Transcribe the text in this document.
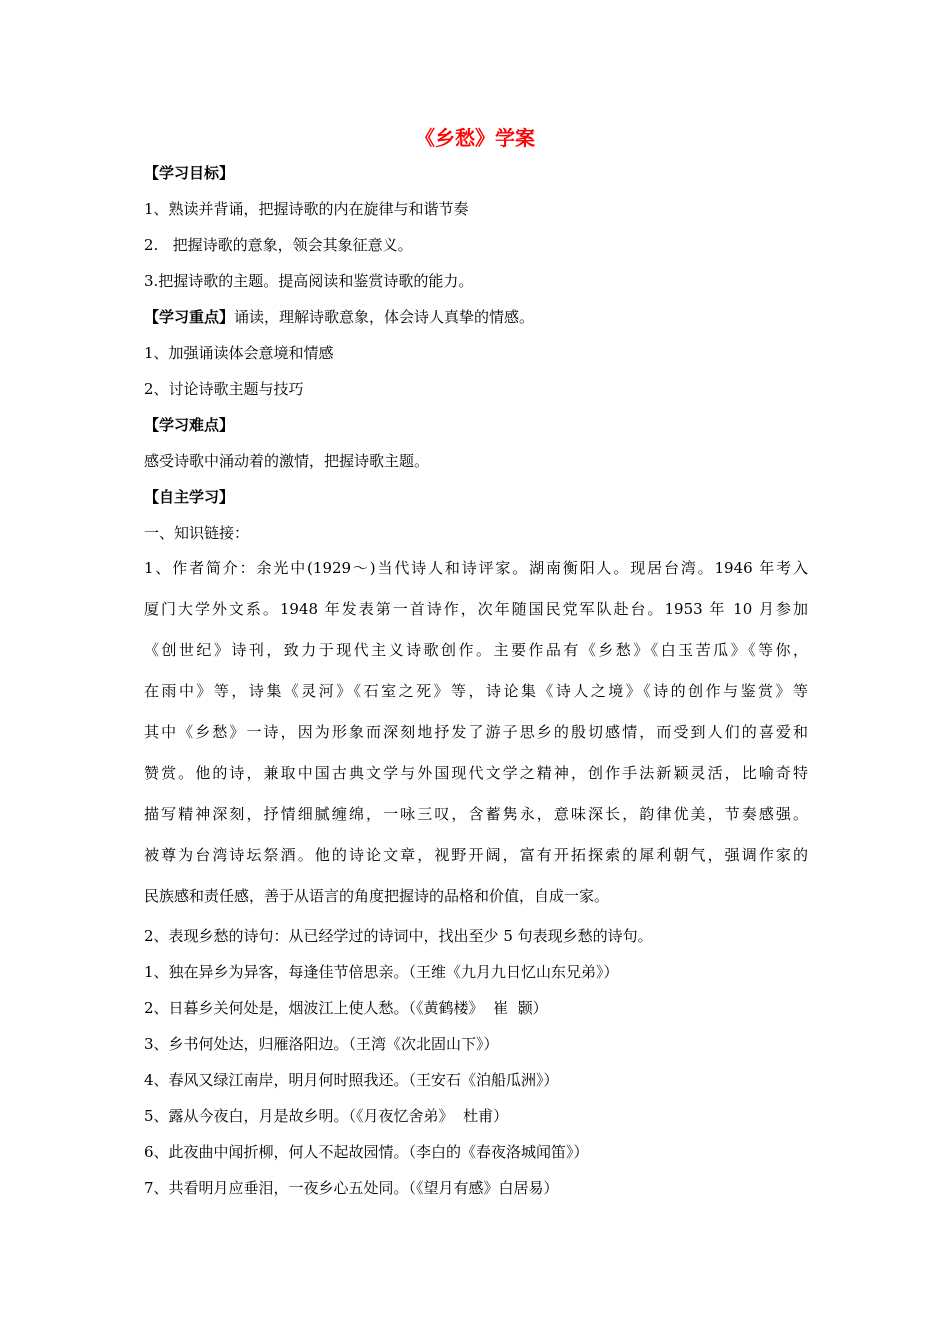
《乡愁》学案
【学习目标】
1、熟读并背诵，把握诗歌的内在旋律与和谐节奏
2.   把握诗歌的意象，领会其象征意义。
3.把握诗歌的主题。提高阅读和鉴赏诗歌的能力。
【学习重点】诵读，理解诗歌意象，体会诗人真挚的情感。
1、加强诵读体会意境和情感
2、讨论诗歌主题与技巧
【学习难点】
感受诗歌中涌动着的激情，把握诗歌主题。
【自主学习】
一、知识链接：
1、作者简介：余光中(1929～)当代诗人和诗评家。湖南衡阳人。现居台湾。1946 年考入
厦门大学外文系。1948 年发表第一首诗作，次年随国民党军队赴台。1953 年 10 月参加
《创世纪》诗刊，致力于现代主义诗歌创作。主要作品有《乡愁》《白玉苦瓜》《等你，
在雨中》等，诗集《灵河》《石室之死》等，诗论集《诗人之境》《诗的创作与鉴赏》等
其中《乡愁》一诗，因为形象而深刻地抒发了游子思乡的殷切感情，而受到人们的喜爱和
赞赏。他的诗，兼取中国古典文学与外国现代文学之精神，创作手法新颖灵活，比喻奇特
描写精神深刻，抒情细腻缠绵，一咏三叹，含蓄隽永，意味深长，韵律优美，节奏感强。
被尊为台湾诗坛祭酒。他的诗论文章，视野开阔，富有开拓探索的犀利朝气，强调作家的
民族感和责任感，善于从语言的角度把握诗的品格和价值，自成一家。
2、表现乡愁的诗句：从已经学过的诗词中，找出至少 5 句表现乡愁的诗句。
1、独在异乡为异客，每逢佳节倍思亲。（王维《九月九日忆山东兄弟》）
2、日暮乡关何处是，烟波江上使人愁。（《黄鹤楼》  崔  颢）
3、乡书何处达，归雁洛阳边。（王湾《次北固山下》）
4、春风又绿江南岸，明月何时照我还。（王安石《泊船瓜洲》）
5、露从今夜白，月是故乡明。（《月夜忆舍弟》  杜甫）
6、此夜曲中闻折柳，何人不起故园情。（李白的《春夜洛城闻笛》）
7、共看明月应垂泪，一夜乡心五处同。（《望月有感》白居易）
